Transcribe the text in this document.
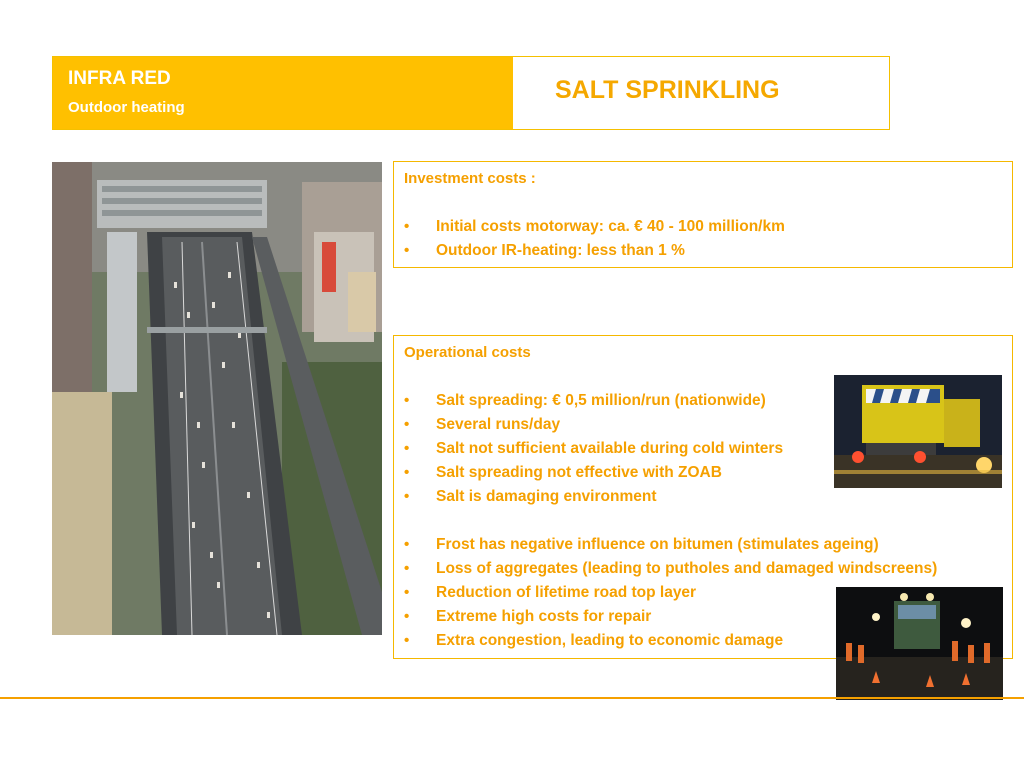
INFRA RED
Outdoor heating
SALT SPRINKLING
Investment costs :
• Initial costs motorway: ca. € 40 - 100 million/km
• Outdoor IR-heating: less than 1 %
Operational costs
• Salt spreading: € 0,5 million/run (nationwide)
• Several runs/day
• Salt not sufficient available during cold winters
• Salt spreading not effective with ZOAB
• Salt is damaging environment
• Frost has negative influence on bitumen (stimulates ageing)
• Loss of aggregates (leading to putholes and damaged windscreens)
• Reduction of lifetime road top layer
• Extreme high costs for repair
• Extra congestion, leading to economic damage
